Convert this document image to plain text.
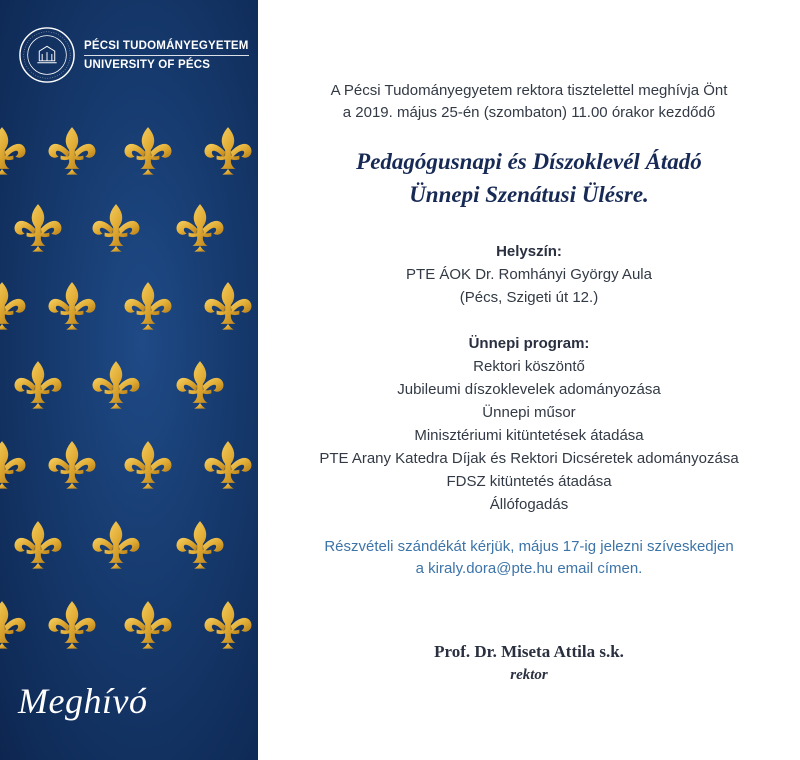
PÉCSI TUDOMÁNYEGYETEM
UNIVERSITY OF PÉCS
Meghívó
A Pécsi Tudományegyetem rektora tisztelettel meghívja Önt
a 2019. május 25-én (szombaton) 11.00 órakor kezdődő
Pedagógusnapi és Díszoklevél Átadó
Ünnepi Szenátusi Ülésre.
Helyszín:
PTE ÁOK Dr. Romhányi György Aula
(Pécs, Szigeti út 12.)
Ünnepi program:
Rektori köszöntő
Jubileumi díszoklevelek adományozása
Ünnepi műsor
Minisztériumi kitüntetések átadása
PTE Arany Katedra Díjak és Rektori Dicséretek adományozása
FDSZ kitüntetés átadása
Állófogadás
Részvételi szándékát kérjük, május 17-ig jelezni szíveskedjen
a kiraly.dora@pte.hu email címen.
Prof. Dr. Miseta Attila s.k.
rektor
